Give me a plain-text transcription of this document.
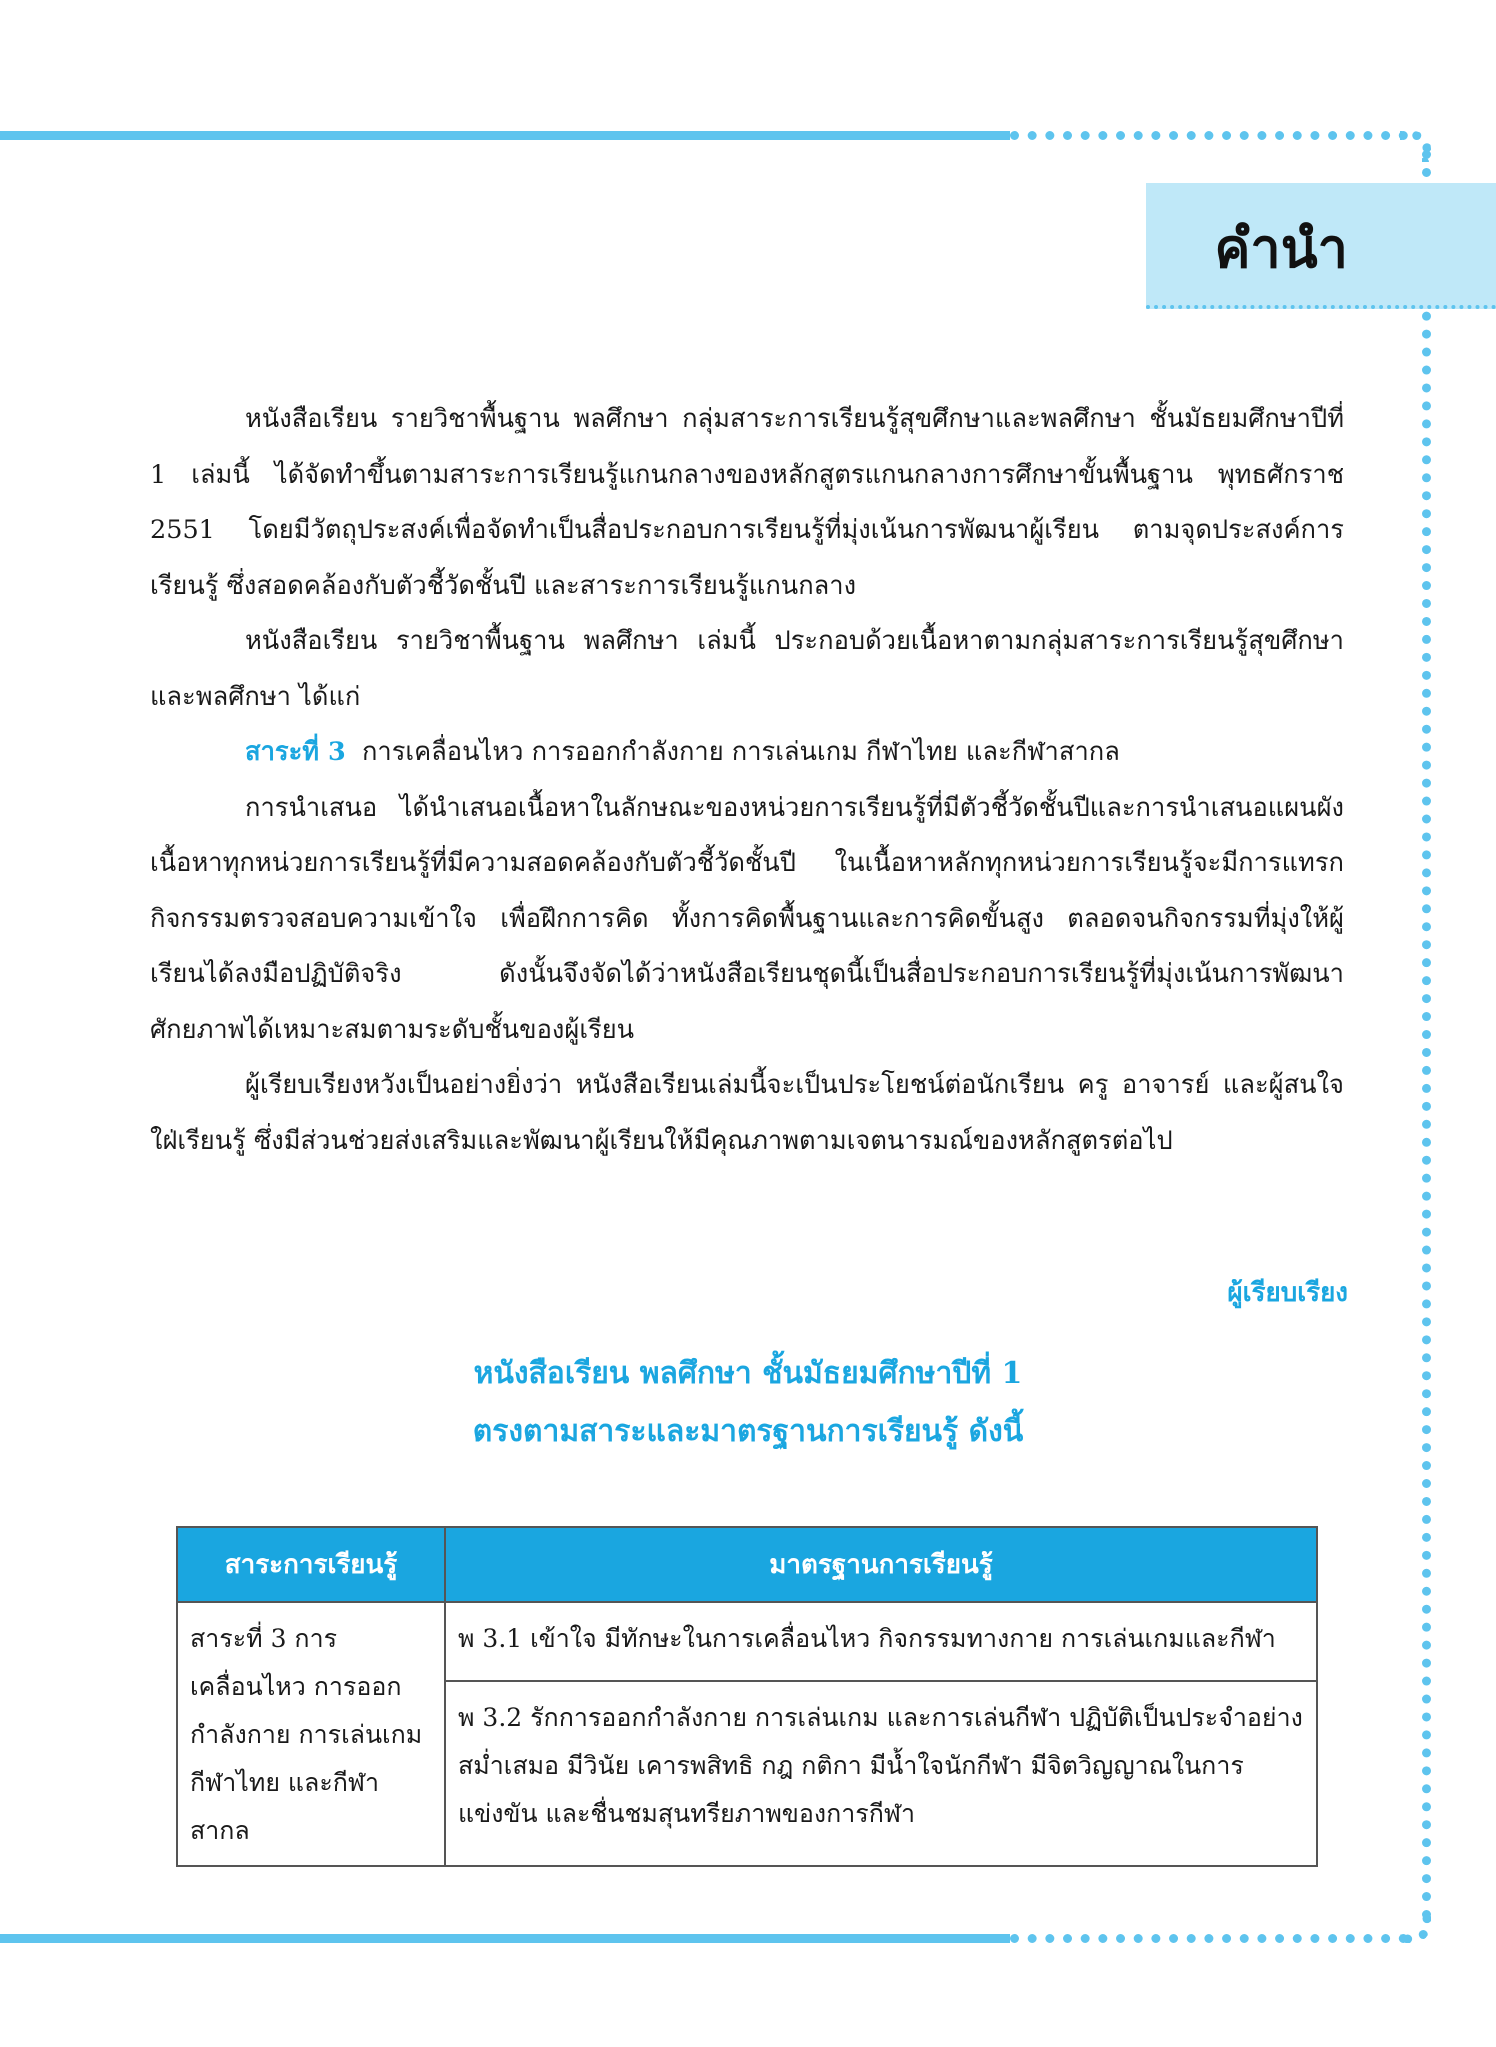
คำนำ

หนังสือเรียน รายวิชาพื้นฐาน พลศึกษา กลุ่มสาระการเรียนรู้สุขศึกษาและพลศึกษา ชั้นมัธยมศึกษาปีที่ 1 เล่มนี้ ได้จัดทำขึ้นตามสาระการเรียนรู้แกนกลางของหลักสูตรแกนกลางการศึกษาขั้นพื้นฐาน พุทธศักราช 2551 โดยมีวัตถุประสงค์เพื่อจัดทำเป็นสื่อประกอบการเรียนรู้ที่มุ่งเน้นการพัฒนาผู้เรียน ตามจุดประสงค์การเรียนรู้ ซึ่งสอดคล้องกับตัวชี้วัดชั้นปี และสาระการเรียนรู้แกนกลาง

หนังสือเรียน รายวิชาพื้นฐาน พลศึกษา เล่มนี้ ประกอบด้วยเนื้อหาตามกลุ่มสาระการเรียนรู้สุขศึกษาและพลศึกษา ได้แก่

สาระที่ 3 การเคลื่อนไหว การออกกำลังกาย การเล่นเกม กีฬาไทย และกีฬาสากล

การนำเสนอ ได้นำเสนอเนื้อหาในลักษณะของหน่วยการเรียนรู้ที่มีตัวชี้วัดชั้นปีและการนำเสนอแผนผังเนื้อหาทุกหน่วยการเรียนรู้ที่มีความสอดคล้องกับตัวชี้วัดชั้นปี ในเนื้อหาหลักทุกหน่วยการเรียนรู้จะมีการแทรกกิจกรรมตรวจสอบความเข้าใจ เพื่อฝึกการคิด ทั้งการคิดพื้นฐานและการคิดขั้นสูง ตลอดจนกิจกรรมที่มุ่งให้ผู้เรียนได้ลงมือปฏิบัติจริง ดังนั้นจึงจัดได้ว่าหนังสือเรียนชุดนี้เป็นสื่อประกอบการเรียนรู้ที่มุ่งเน้นการพัฒนาศักยภาพได้เหมาะสมตามระดับชั้นของผู้เรียน

ผู้เรียบเรียงหวังเป็นอย่างยิ่งว่า หนังสือเรียนเล่มนี้จะเป็นประโยชน์ต่อนักเรียน ครู อาจารย์ และผู้สนใจใฝ่เรียนรู้ ซึ่งมีส่วนช่วยส่งเสริมและพัฒนาผู้เรียนให้มีคุณภาพตามเจตนารมณ์ของหลักสูตรต่อไป

ผู้เรียบเรียง
หนังสือเรียน พลศึกษา ชั้นมัธยมศึกษาปีที่ 1
ตรงตามสาระและมาตรฐานการเรียนรู้ ดังนี้
สาระการเรียนรู้	มาตรฐานการเรียนรู้
สาระที่ 3 การเคลื่อนไหว การออกกำลังกาย การเล่นเกม กีฬาไทย และกีฬาสากล	พ 3.1 เข้าใจ มีทักษะในการเคลื่อนไหว กิจกรรมทางกาย การเล่นเกมและกีฬา
	พ 3.2 รักการออกกำลังกาย การเล่นเกม และการเล่นกีฬา ปฏิบัติเป็นประจำอย่างสม่ำเสมอ มีวินัย เคารพสิทธิ กฎ กติกา มีน้ำใจนักกีฬา มีจิตวิญญาณในการแข่งขัน และชื่นชมสุนทรียภาพของการกีฬา
